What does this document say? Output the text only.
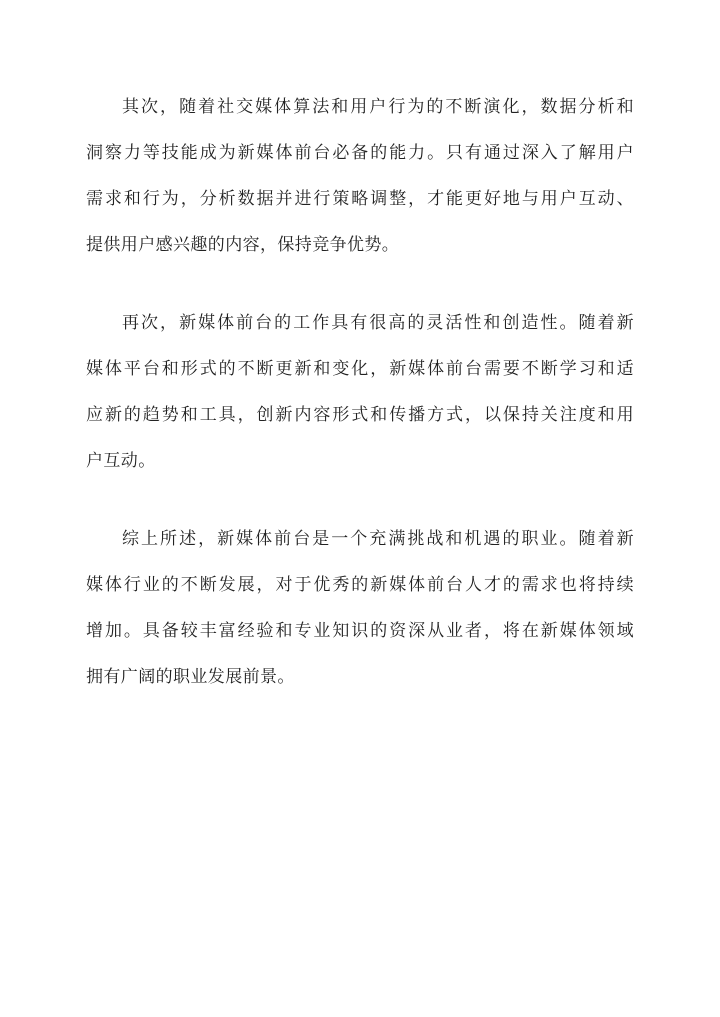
其次，随着社交媒体算法和用户行为的不断演化，数据分析和
洞察力等技能成为新媒体前台必备的能力。只有通过深入了解用户
需求和行为，分析数据并进行策略调整，才能更好地与用户互动、
提供用户感兴趣的内容，保持竞争优势。
再次，新媒体前台的工作具有很高的灵活性和创造性。随着新
媒体平台和形式的不断更新和变化，新媒体前台需要不断学习和适
应新的趋势和工具，创新内容形式和传播方式，以保持关注度和用
户互动。
综上所述，新媒体前台是一个充满挑战和机遇的职业。随着新
媒体行业的不断发展，对于优秀的新媒体前台人才的需求也将持续
增加。具备较丰富经验和专业知识的资深从业者，将在新媒体领域
拥有广阔的职业发展前景。
